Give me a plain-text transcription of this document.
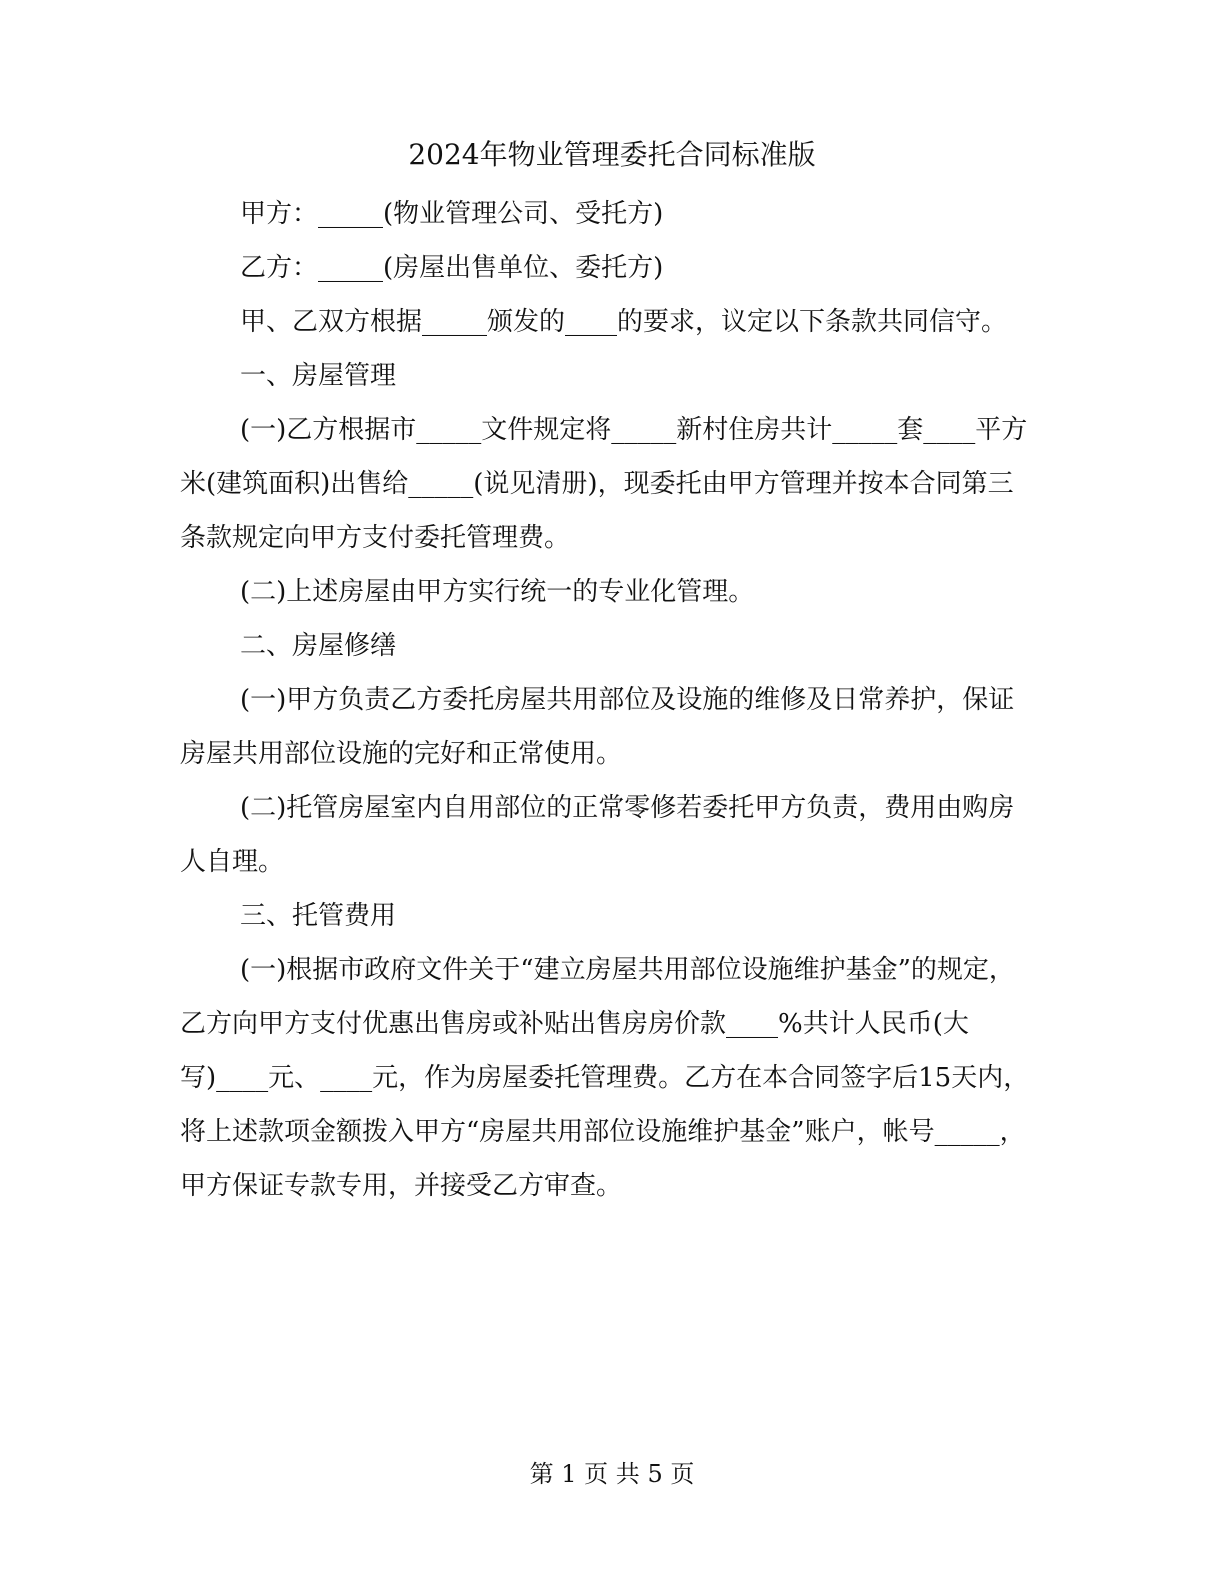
2024年物业管理委托合同标准版

甲方：_____(物业管理公司、受托方)

乙方：_____(房屋出售单位、委托方)

甲、乙双方根据_____颁发的____的要求，议定以下条款共同信守。

一、房屋管理

(一)乙方根据市_____文件规定将_____新村住房共计_____套____平方米(建筑面积)出售给_____(说见清册)，现委托由甲方管理并按本合同第三条款规定向甲方支付委托管理费。

(二)上述房屋由甲方实行统一的专业化管理。

二、房屋修缮

(一)甲方负责乙方委托房屋共用部位及设施的维修及日常养护，保证房屋共用部位设施的完好和正常使用。

(二)托管房屋室内自用部位的正常零修若委托甲方负责，费用由购房人自理。

三、托管费用

(一)根据市政府文件关于“建立房屋共用部位设施维护基金”的规定，乙方向甲方支付优惠出售房或补贴出售房房价款____%共计人民币(大写)____元、____元，作为房屋委托管理费。乙方在本合同签字后15天内，将上述款项金额拨入甲方“房屋共用部位设施维护基金”账户，帐号_____，甲方保证专款专用，并接受乙方审查。

第 1 页 共 5 页
